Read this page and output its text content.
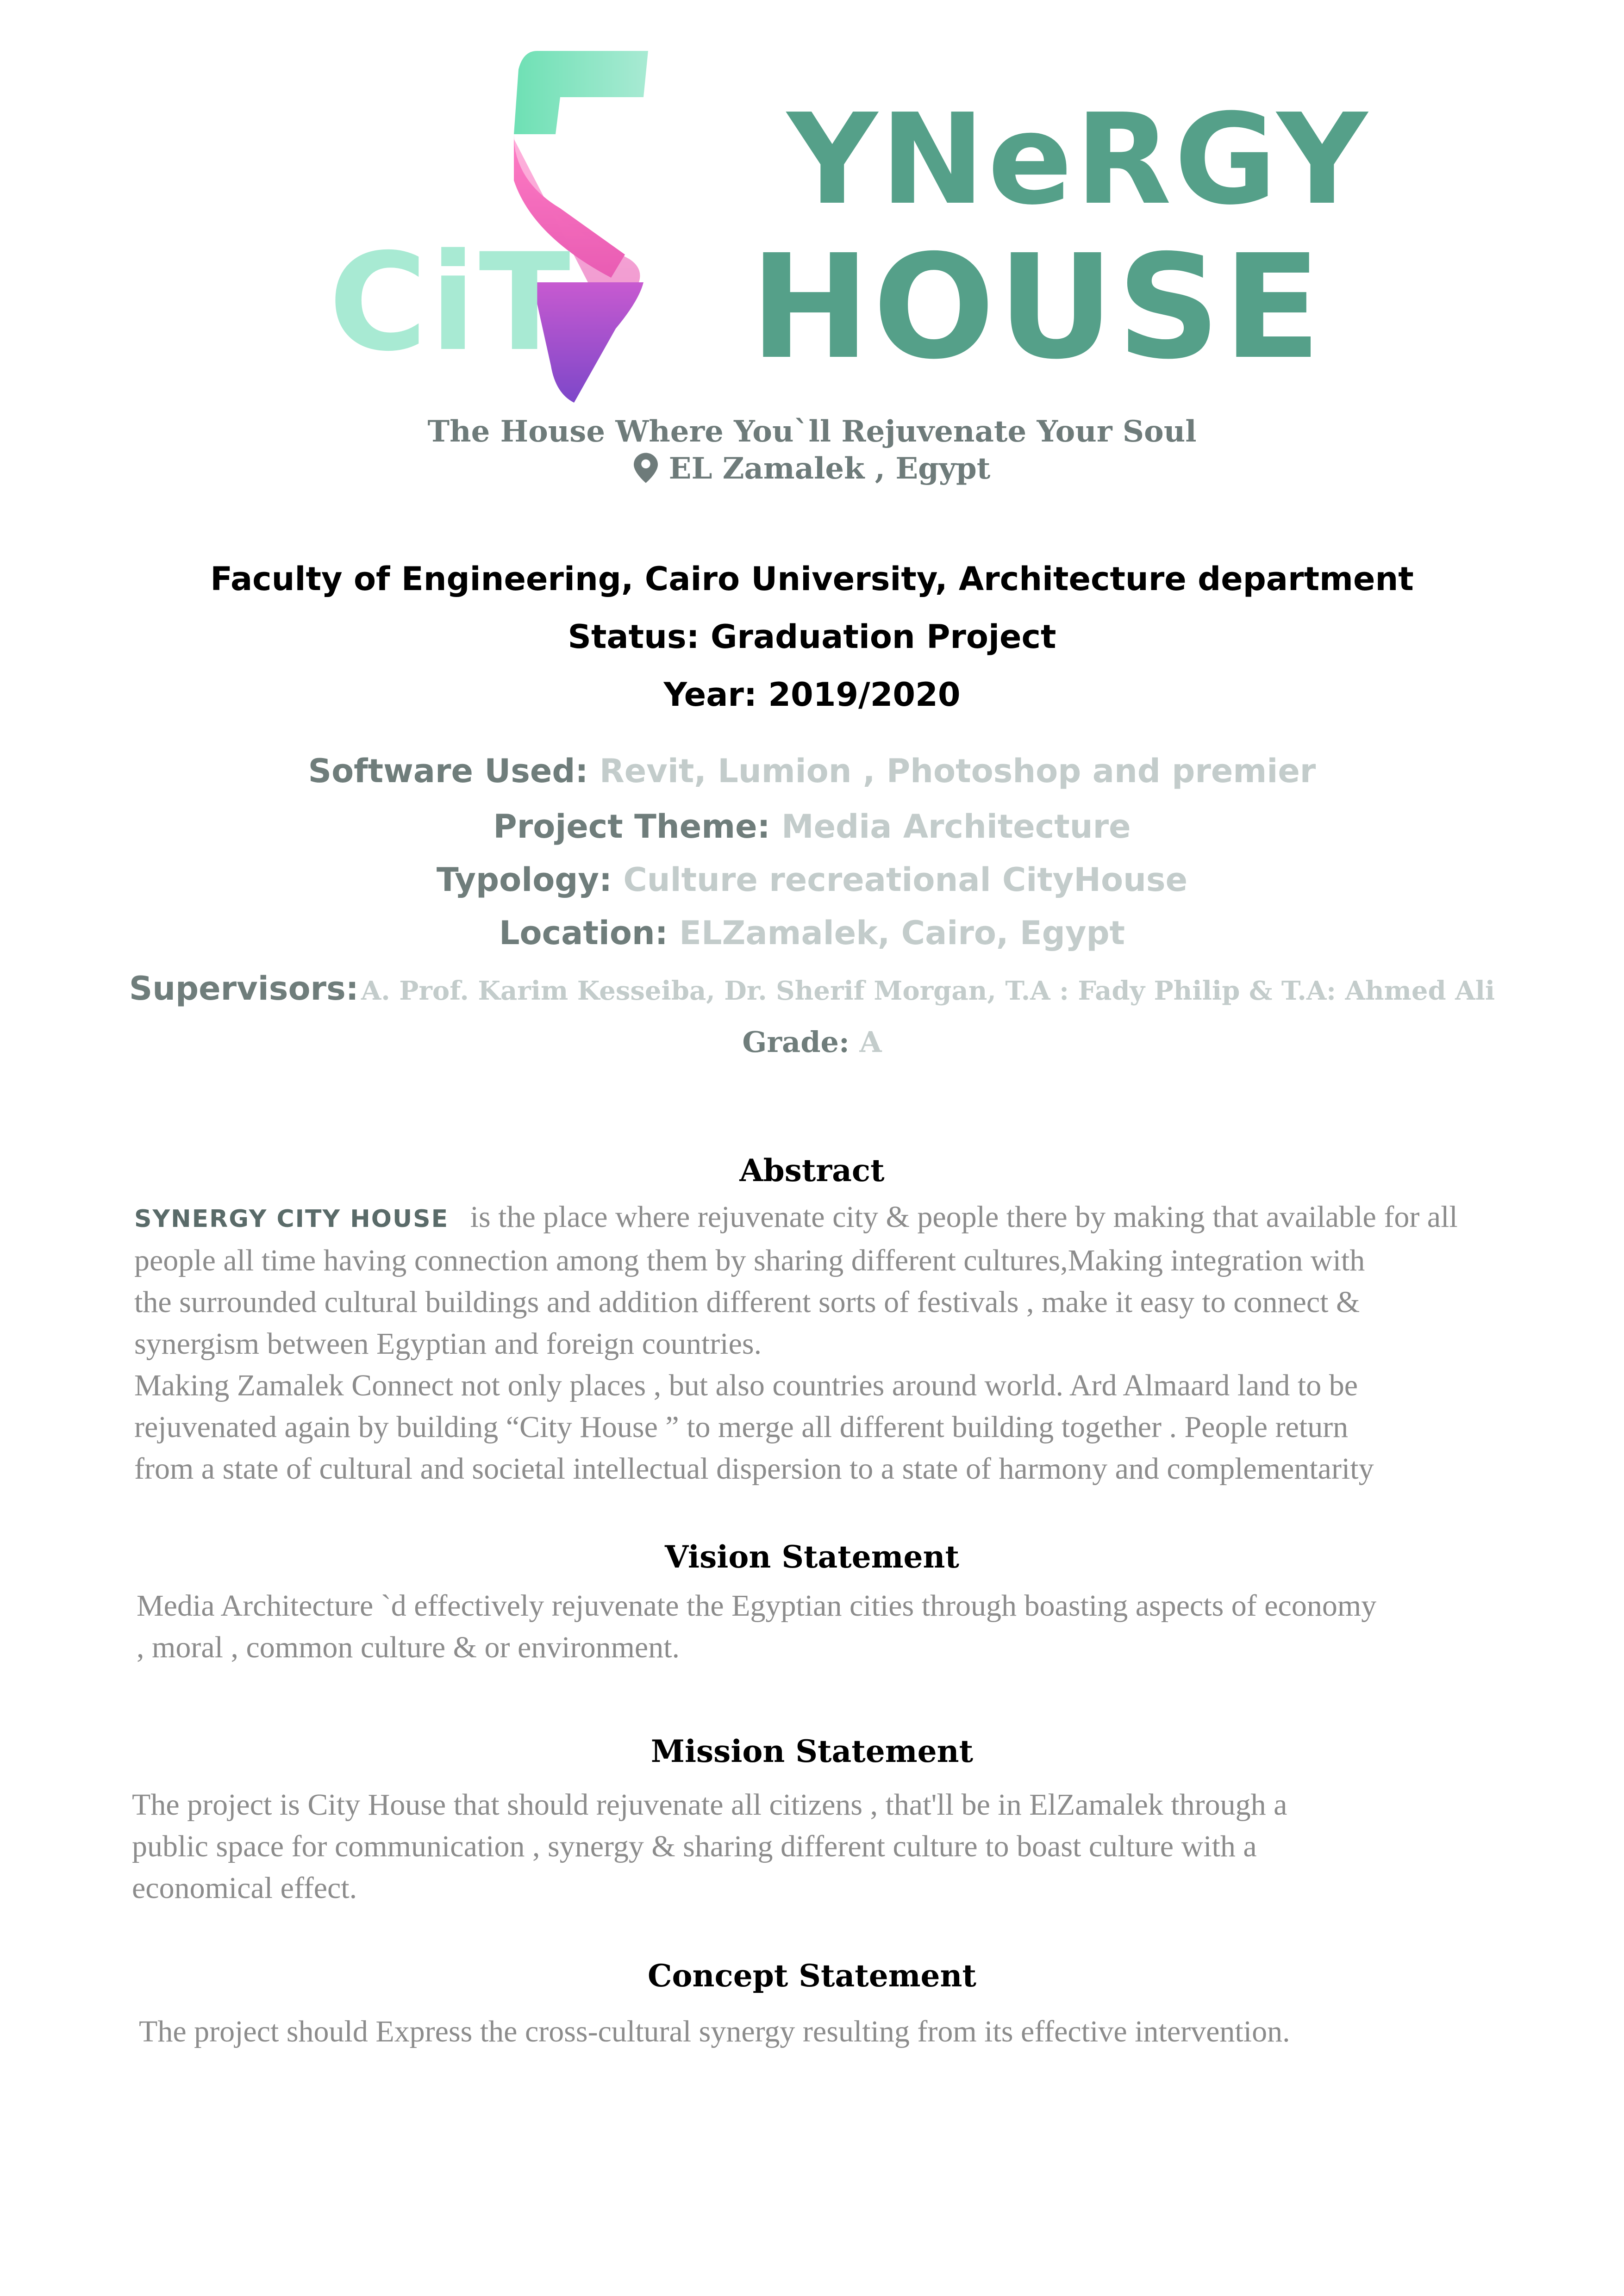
CiT
YNeRGY
HOUSE
The House Where You`ll Rejuvenate Your Soul
EL Zamalek , Egypt
Faculty of Engineering, Cairo University, Architecture department
Status: Graduation Project
Year: 2019/2020
Software Used: Revit, Lumion , Photoshop and premier
Project Theme: Media Architecture
Typology: Culture recreational CityHouse
Location: ELZamalek, Cairo, Egypt
Supervisors: A. Prof. Karim Kesseiba, Dr. Sherif Morgan, T.A : Fady Philip & T.A: Ahmed Ali
Grade: A
Abstract
SYNERGY CITY HOUSE is the place where rejuvenate city & people there by making that available for all
people all time having connection among them by sharing different cultures,Making integration with
the surrounded cultural buildings and addition different sorts of festivals , make it easy to connect &
synergism between Egyptian and foreign countries.
Making Zamalek Connect not only places , but also countries around world. Ard Almaard land to be
rejuvenated again by building “City House ” to merge all different building together . People return
from a state of cultural and societal intellectual dispersion to a state of harmony and complementarity
Vision Statement
Media Architecture `d effectively rejuvenate the Egyptian cities through boasting aspects of economy
, moral , common culture & or environment.
Mission Statement
The project is City House that should rejuvenate all citizens , that'll be in ElZamalek through a
public space for communication , synergy & sharing different culture to boast culture with a
economical effect.
Concept Statement
The project should Express the cross-cultural synergy resulting from its effective intervention.
